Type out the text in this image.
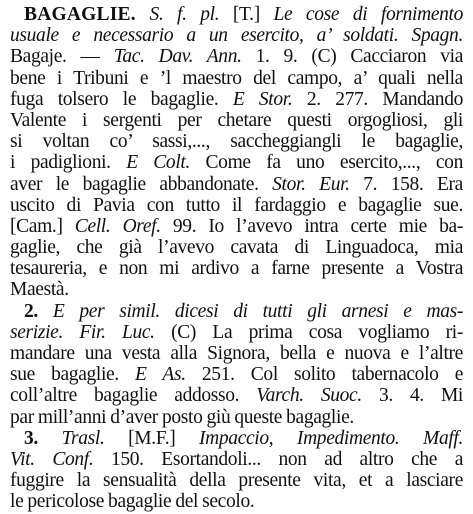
BAGAGLIE. S. f. pl. [T.] Le cose di fornimento
usuale e necessario a un esercito, a’ soldati. Spagn.
Bagaje. — Tac. Dav. Ann. 1. 9. (C) Cacciaron via
bene i Tribuni e ’l maestro del campo, a’ quali nella
fuga tolsero le bagaglie. E Stor. 2. 277. Mandando
Valente i sergenti per chetare questi orgogliosi, gli
si voltan co’ sassi,..., saccheggiangli le bagaglie,
i padiglioni. E Colt. Come fa uno esercito,..., con
aver le bagaglie abbandonate. Stor. Eur. 7. 158. Era
uscito di Pavia con tutto il fardaggio e bagaglie sue.
[Cam.] Cell. Oref. 99. Io l’avevo intra certe mie ba-
gaglie, che già l’avevo cavata di Linguadoca, mia
tesaureria, e non mi ardivo a farne presente a Vostra
Maestà.
2. E per simil. dicesi di tutti gli arnesi e mas-
serizie. Fir. Luc. (C) La prima cosa vogliamo ri-
mandare una vesta alla Signora, bella e nuova e l’altre
sue bagaglie. E As. 251. Col solito tabernacolo e
coll’altre bagaglie addosso. Varch. Suoc. 3. 4. Mi
par mill’anni d’aver posto giù queste bagaglie.
3. Trasl. [M.F.] Impaccio, Impedimento. Maff.
Vit. Conf. 150. Esortandoli... non ad altro che a
fuggire la sensualità della presente vita, et a lasciare
le pericolose bagaglie del secolo.
